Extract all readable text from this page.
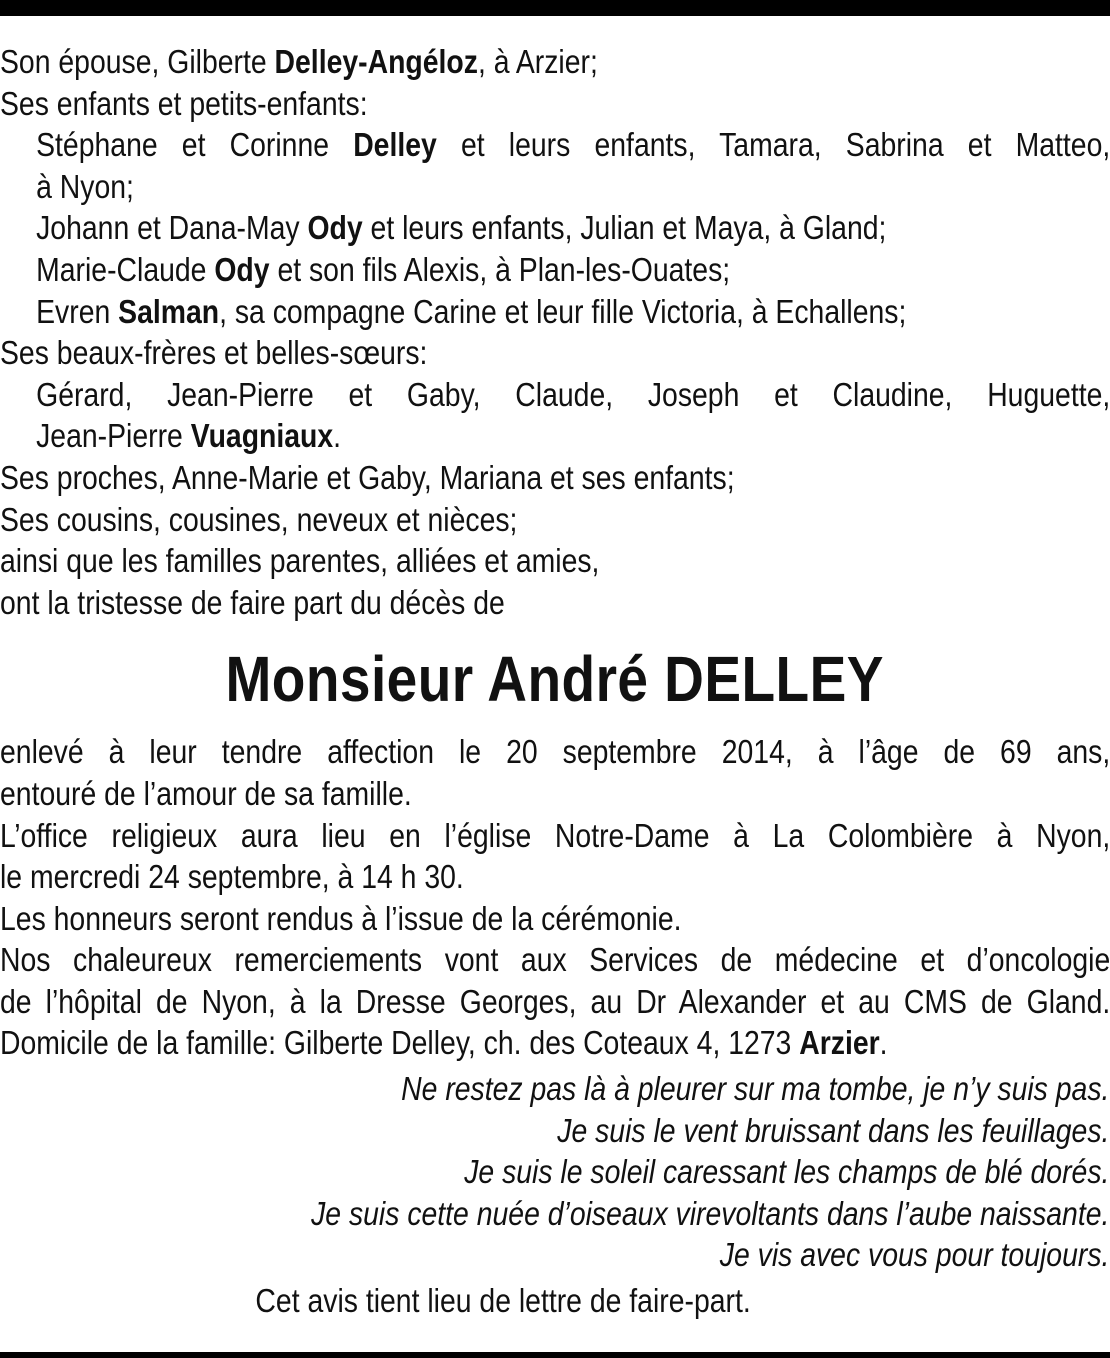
Son épouse, Gilberte Delley-Angéloz, à Arzier;
Ses enfants et petits-enfants:
Stéphane et Corinne Delley et leurs enfants, Tamara, Sabrina et Matteo,
à Nyon;
Johann et Dana-May Ody et leurs enfants, Julian et Maya, à Gland;
Marie-Claude Ody et son fils Alexis, à Plan-les-Ouates;
Evren Salman, sa compagne Carine et leur fille Victoria, à Echallens;
Ses beaux-frères et belles-sœurs:
Gérard, Jean-Pierre et Gaby, Claude, Joseph et Claudine, Huguette,
Jean-Pierre Vuagniaux.
Ses proches, Anne-Marie et Gaby, Mariana et ses enfants;
Ses cousins, cousines, neveux et nièces;
ainsi que les familles parentes, alliées et amies,
ont la tristesse de faire part du décès de
Monsieur André DELLEY
enlevé à leur tendre affection le 20 septembre 2014, à l’âge de 69 ans,
entouré de l’amour de sa famille.
L’office religieux aura lieu en l’église Notre-Dame à La Colombière à Nyon,
le mercredi 24 septembre, à 14 h 30.
Les honneurs seront rendus à l’issue de la cérémonie.
Nos chaleureux remerciements vont aux Services de médecine et d’oncologie
de l’hôpital de Nyon, à la Dresse Georges, au Dr Alexander et au CMS de Gland.
Domicile de la famille: Gilberte Delley, ch. des Coteaux 4, 1273 Arzier.
Ne restez pas là à pleurer sur ma tombe, je n’y suis pas.
Je suis le vent bruissant dans les feuillages.
Je suis le soleil caressant les champs de blé dorés.
Je suis cette nuée d’oiseaux virevoltants dans l’aube naissante.
Je vis avec vous pour toujours.
Cet avis tient lieu de lettre de faire-part.
